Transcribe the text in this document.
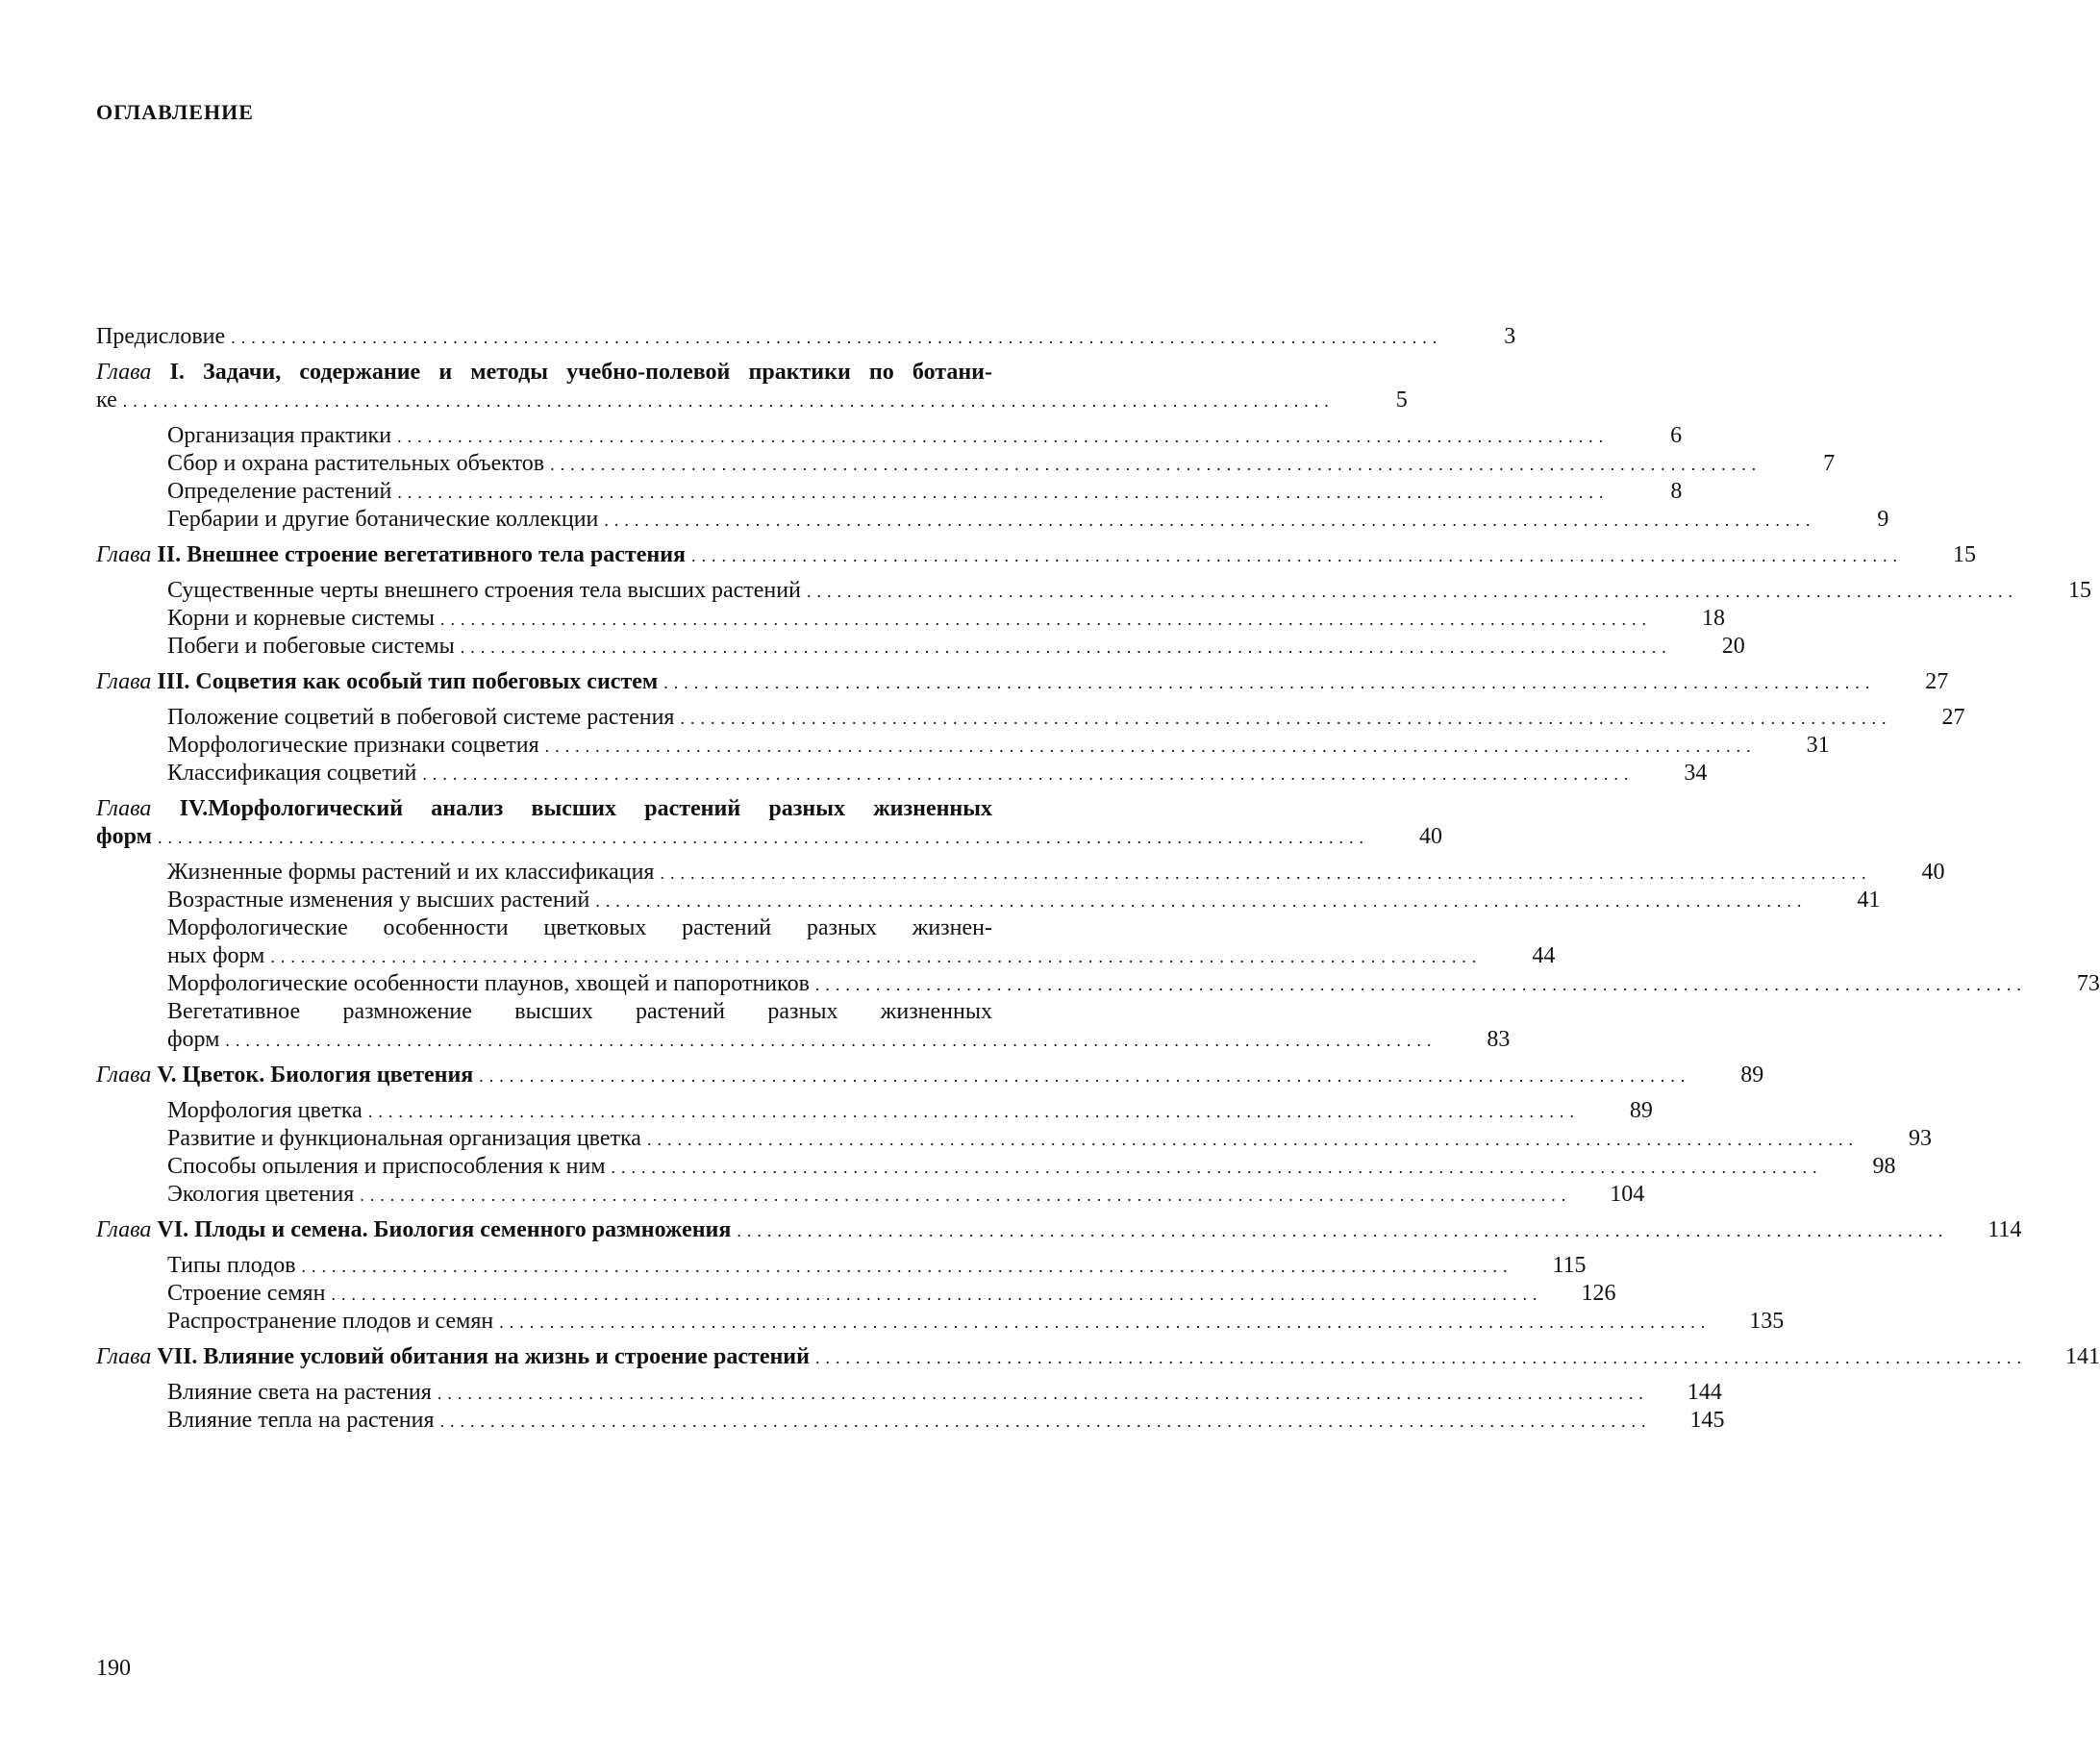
ОГЛАВЛЕНИЕ
Предисловие ........................................................................................................................	3
Глава I. Задачи, содержание и методы учебно-полевой практики по ботани-
ке ........................................................................................................................	5
Организация практики ........................................................................................................................	6
Сбор и охрана растительных объектов ........................................................................................................................	7
Определение растений ........................................................................................................................	8
Гербарии и другие ботанические коллекции ........................................................................................................................	9
Глава II. Внешнее строение вегетативного тела растения ........................................................................................................................	15
Существенные черты внешнего строения тела высших растений ........................................................................................................................	15
Корни и корневые системы ........................................................................................................................	18
Побеги и побеговые системы ........................................................................................................................	20
Глава III. Соцветия как особый тип побеговых систем ........................................................................................................................	27
Положение соцветий в побеговой системе растения ........................................................................................................................	27
Морфологические признаки соцветия ........................................................................................................................	31
Классификация соцветий ........................................................................................................................	34
Глава IV.Морфологический анализ высших растений разных жизненных
форм ........................................................................................................................	40
Жизненные формы растений и их классификация ........................................................................................................................	40
Возрастные изменения у высших растений ........................................................................................................................	41
Морфологические особенности цветковых растений разных жизнен-
ных форм ........................................................................................................................	44
Морфологические особенности плаунов, хвощей и папоротников ........................................................................................................................	73
Вегетативное размножение высших растений разных жизненных
форм ........................................................................................................................	83
Глава V. Цветок. Биология цветения ........................................................................................................................	89
Морфология цветка ........................................................................................................................	89
Развитие и функциональная организация цветка ........................................................................................................................	93
Способы опыления и приспособления к ним ........................................................................................................................	98
Экология цветения ........................................................................................................................	104
Глава VI. Плоды и семена. Биология семенного размножения ........................................................................................................................	114
Типы плодов ........................................................................................................................	115
Строение семян ........................................................................................................................	126
Распространение плодов и семян ........................................................................................................................	135
Глава VII. Влияние условий обитания на жизнь и строение растений ........................................................................................................................	141
Влияние света на растения ........................................................................................................................	144
Влияние тепла на растения ........................................................................................................................	145
190
